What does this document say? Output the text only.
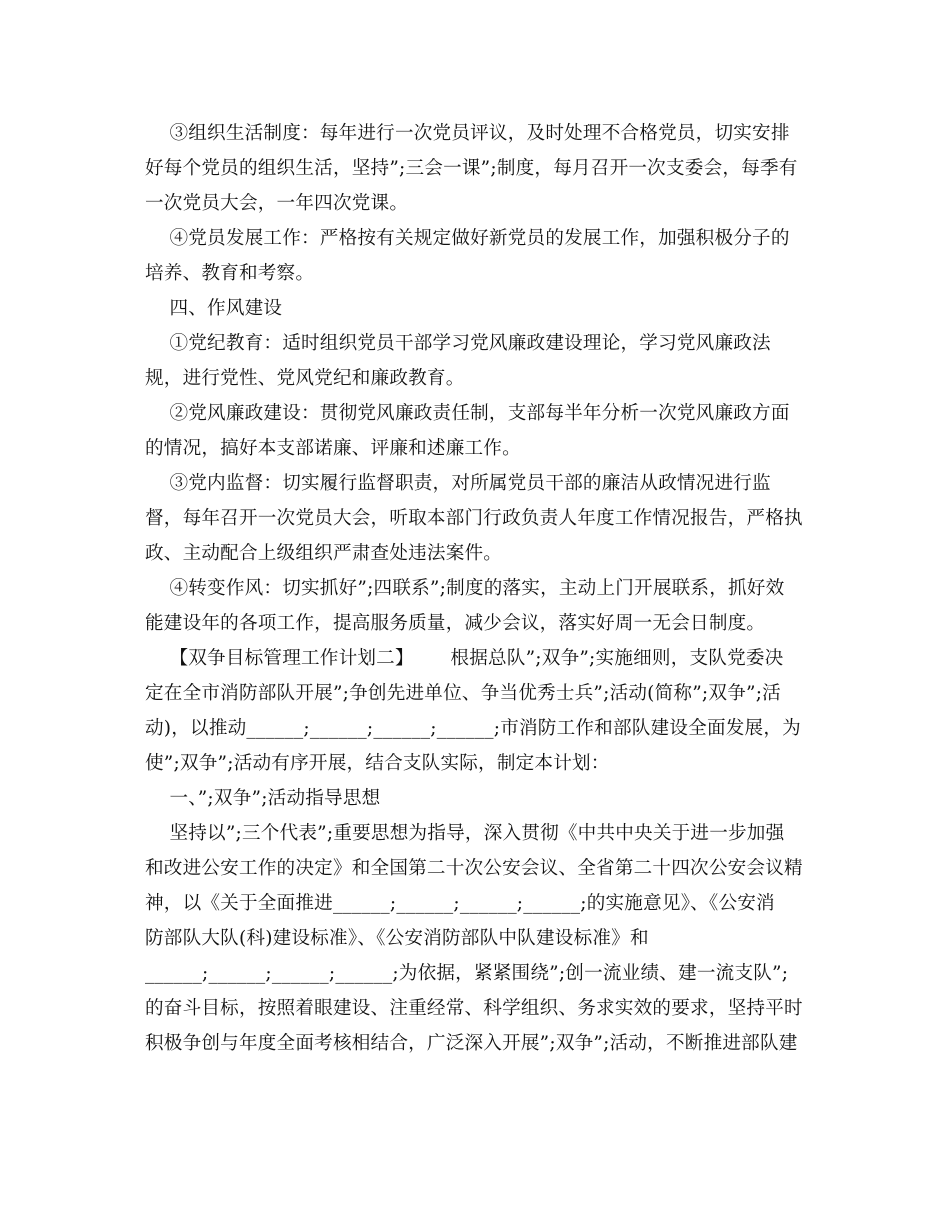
③组织生活制度：每年进行一次党员评议，及时处理不合格党员，切实安排
好每个党员的组织生活，坚持”;三会一课”;制度，每月召开一次支委会，每季有
一次党员大会，一年四次党课。
④党员发展工作：严格按有关规定做好新党员的发展工作，加强积极分子的
培养、教育和考察。
四、作风建设
①党纪教育：适时组织党员干部学习党风廉政建设理论，学习党风廉政法
规，进行党性、党风党纪和廉政教育。
②党风廉政建设：贯彻党风廉政责任制，支部每半年分析一次党风廉政方面
的情况，搞好本支部诺廉、评廉和述廉工作。
③党内监督：切实履行监督职责，对所属党员干部的廉洁从政情况进行监
督，每年召开一次党员大会，听取本部门行政负责人年度工作情况报告，严格执
政、主动配合上级组织严肃查处违法案件。
④转变作风：切实抓好”;四联系”;制度的落实，主动上门开展联系，抓好效
能建设年的各项工作，提高服务质量，减少会议，落实好周一无会日制度。
【双争目标管理工作计划二】      根据总队”;双争”;实施细则，支队党委决
定在全市消防部队开展”;争创先进单位、争当优秀士兵”;活动(简称”;双争”;活
动)，以推动______;______;______;______;市消防工作和部队建设全面发展，为
使”;双争”;活动有序开展，结合支队实际，制定本计划：
一、”;双争”;活动指导思想
坚持以”;三个代表”;重要思想为指导，深入贯彻《中共中央关于进一步加强
和改进公安工作的决定》和全国第二十次公安会议、全省第二十四次公安会议精
神，以《关于全面推进______;______;______;______;的实施意见》、《公安消
防部队大队(科)建设标准》、《公安消防部队中队建设标准》和
______;______;______;______;为依据，紧紧围绕”;创一流业绩、建一流支队”;
的奋斗目标，按照着眼建设、注重经常、科学组织、务求实效的要求，坚持平时
积极争创与年度全面考核相结合，广泛深入开展”;双争”;活动，不断推进部队建
